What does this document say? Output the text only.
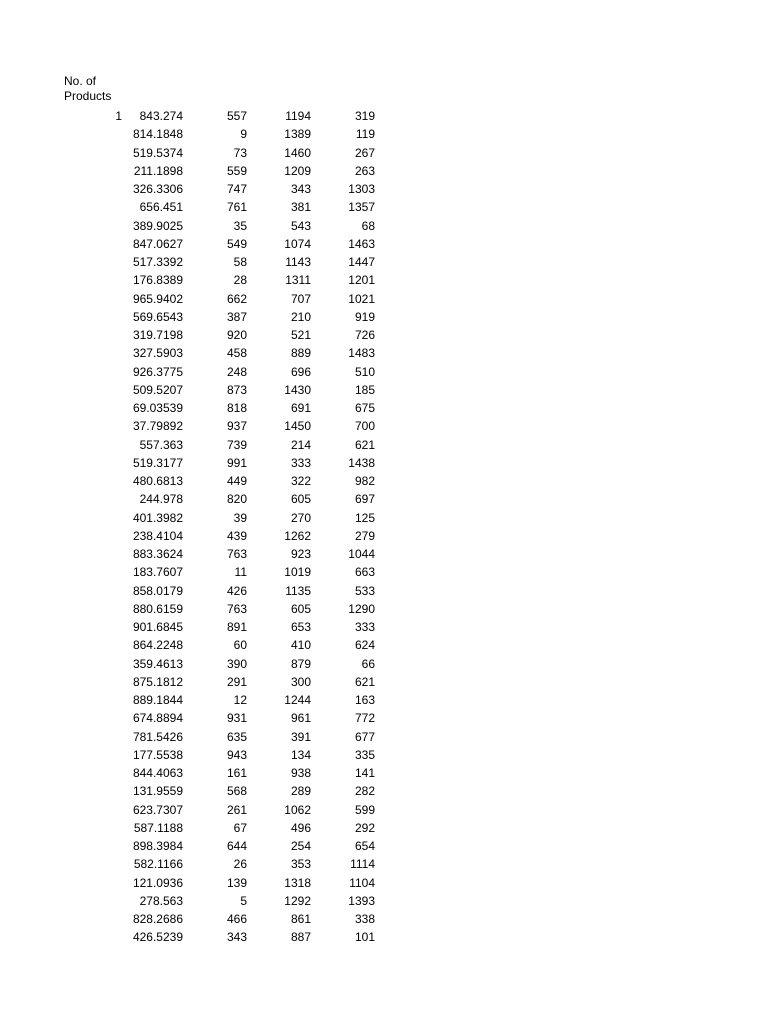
No. of
Products
1	843.274	557	1194	319
814.1848	9	1389	119
519.5374	73	1460	267
211.1898	559	1209	263
326.3306	747	343	1303
656.451	761	381	1357
389.9025	35	543	68
847.0627	549	1074	1463
517.3392	58	1143	1447
176.8389	28	1311	1201
965.9402	662	707	1021
569.6543	387	210	919
319.7198	920	521	726
327.5903	458	889	1483
926.3775	248	696	510
509.5207	873	1430	185
69.03539	818	691	675
37.79892	937	1450	700
557.363	739	214	621
519.3177	991	333	1438
480.6813	449	322	982
244.978	820	605	697
401.3982	39	270	125
238.4104	439	1262	279
883.3624	763	923	1044
183.7607	11	1019	663
858.0179	426	1135	533
880.6159	763	605	1290
901.6845	891	653	333
864.2248	60	410	624
359.4613	390	879	66
875.1812	291	300	621
889.1844	12	1244	163
674.8894	931	961	772
781.5426	635	391	677
177.5538	943	134	335
844.4063	161	938	141
131.9559	568	289	282
623.7307	261	1062	599
587.1188	67	496	292
898.3984	644	254	654
582.1166	26	353	1114
121.0936	139	1318	1104
278.563	5	1292	1393
828.2686	466	861	338
426.5239	343	887	101
